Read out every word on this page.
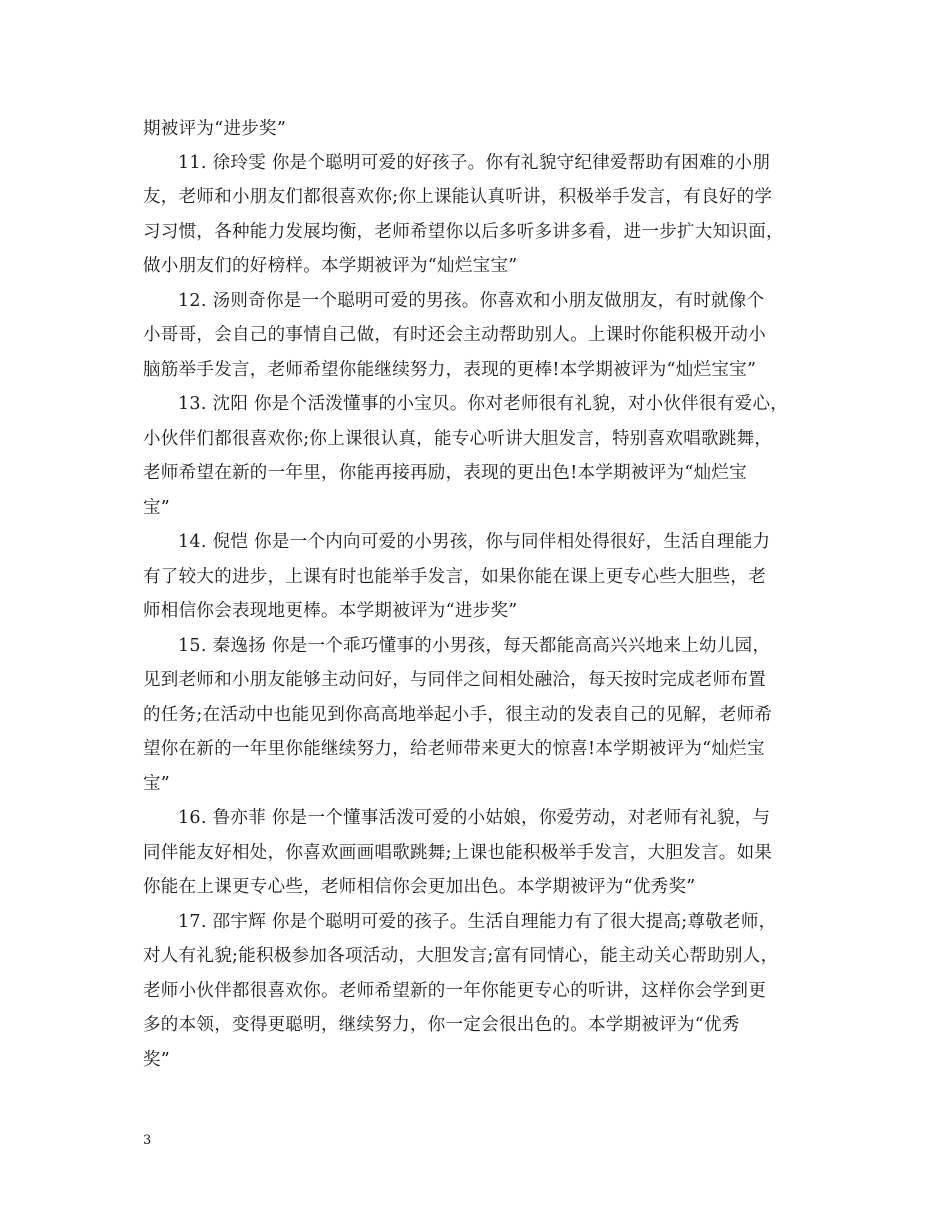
期被评为“进步奖”
11. 徐玲雯 你是个聪明可爱的好孩子。你有礼貌守纪律爱帮助有困难的小朋
友，老师和小朋友们都很喜欢你;你上课能认真听讲，积极举手发言，有良好的学
习习惯，各种能力发展均衡，老师希望你以后多听多讲多看，进一步扩大知识面，
做小朋友们的好榜样。本学期被评为“灿烂宝宝”
12. 汤则奇你是一个聪明可爱的男孩。你喜欢和小朋友做朋友，有时就像个
小哥哥，会自己的事情自己做，有时还会主动帮助别人。上课时你能积极开动小
脑筋举手发言，老师希望你能继续努力，表现的更棒!本学期被评为“灿烂宝宝”
13. 沈阳 你是个活泼懂事的小宝贝。你对老师很有礼貌，对小伙伴很有爱心，
小伙伴们都很喜欢你;你上课很认真，能专心听讲大胆发言，特别喜欢唱歌跳舞，
老师希望在新的一年里，你能再接再励，表现的更出色!本学期被评为“灿烂宝
宝”
14. 倪恺 你是一个内向可爱的小男孩，你与同伴相处得很好，生活自理能力
有了较大的进步，上课有时也能举手发言，如果你能在课上更专心些大胆些，老
师相信你会表现地更棒。本学期被评为“进步奖”
15. 秦逸扬 你是一个乖巧懂事的小男孩，每天都能高高兴兴地来上幼儿园，
见到老师和小朋友能够主动问好，与同伴之间相处融洽，每天按时完成老师布置
的任务;在活动中也能见到你高高地举起小手，很主动的发表自己的见解，老师希
望你在新的一年里你能继续努力，给老师带来更大的惊喜!本学期被评为“灿烂宝
宝”
16. 鲁亦菲 你是一个懂事活泼可爱的小姑娘，你爱劳动，对老师有礼貌，与
同伴能友好相处，你喜欢画画唱歌跳舞;上课也能积极举手发言，大胆发言。如果
你能在上课更专心些，老师相信你会更加出色。本学期被评为“优秀奖”
17. 邵宇辉 你是个聪明可爱的孩子。生活自理能力有了很大提高;尊敬老师，
对人有礼貌;能积极参加各项活动，大胆发言;富有同情心，能主动关心帮助别人，
老师小伙伴都很喜欢你。老师希望新的一年你能更专心的听讲，这样你会学到更
多的本领，变得更聪明，继续努力，你一定会很出色的。本学期被评为“优秀
奖”
3
